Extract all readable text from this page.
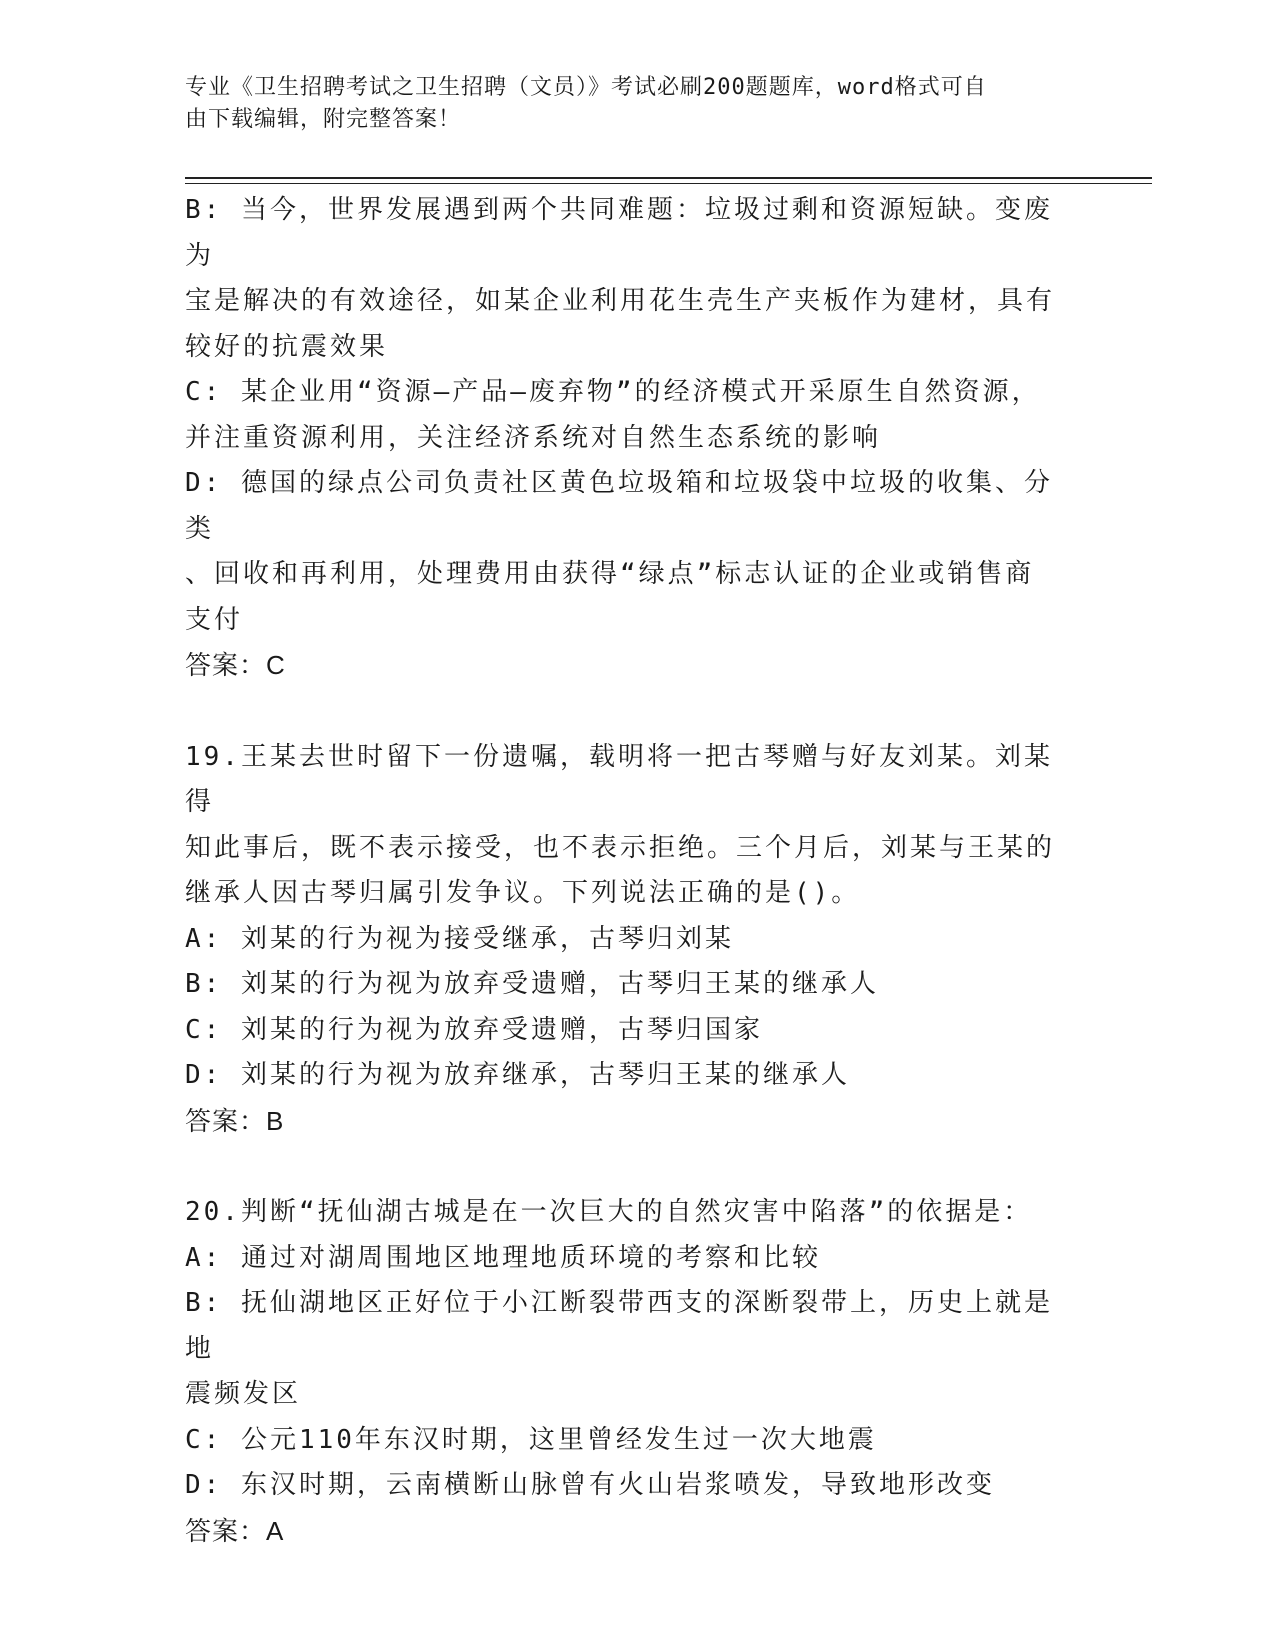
专业《卫生招聘考试之卫生招聘（文员）》考试必刷200题题库，word格式可自
由下载编辑，附完整答案！
B: 当今，世界发展遇到两个共同难题：垃圾过剩和资源短缺。变废为
宝是解决的有效途径，如某企业利用花生壳生产夹板作为建材，具有
较好的抗震效果
C: 某企业用“资源—产品—废弃物”的经济模式开采原生自然资源，
并注重资源利用，关注经济系统对自然生态系统的影响
D: 德国的绿点公司负责社区黄色垃圾箱和垃圾袋中垃圾的收集、分类
、回收和再利用，处理费用由获得“绿点”标志认证的企业或销售商
支付
答案：C
19.王某去世时留下一份遗嘱，载明将一把古琴赠与好友刘某。刘某得
知此事后，既不表示接受，也不表示拒绝。三个月后，刘某与王某的
继承人因古琴归属引发争议。下列说法正确的是()。
A: 刘某的行为视为接受继承，古琴归刘某
B: 刘某的行为视为放弃受遗赠，古琴归王某的继承人
C: 刘某的行为视为放弃受遗赠，古琴归国家
D: 刘某的行为视为放弃继承，古琴归王某的继承人
答案：B
20.判断“抚仙湖古城是在一次巨大的自然灾害中陷落”的依据是：
A: 通过对湖周围地区地理地质环境的考察和比较
B: 抚仙湖地区正好位于小江断裂带西支的深断裂带上，历史上就是地
震频发区
C: 公元110年东汉时期，这里曾经发生过一次大地震
D: 东汉时期，云南横断山脉曾有火山岩浆喷发，导致地形改变
答案：A
